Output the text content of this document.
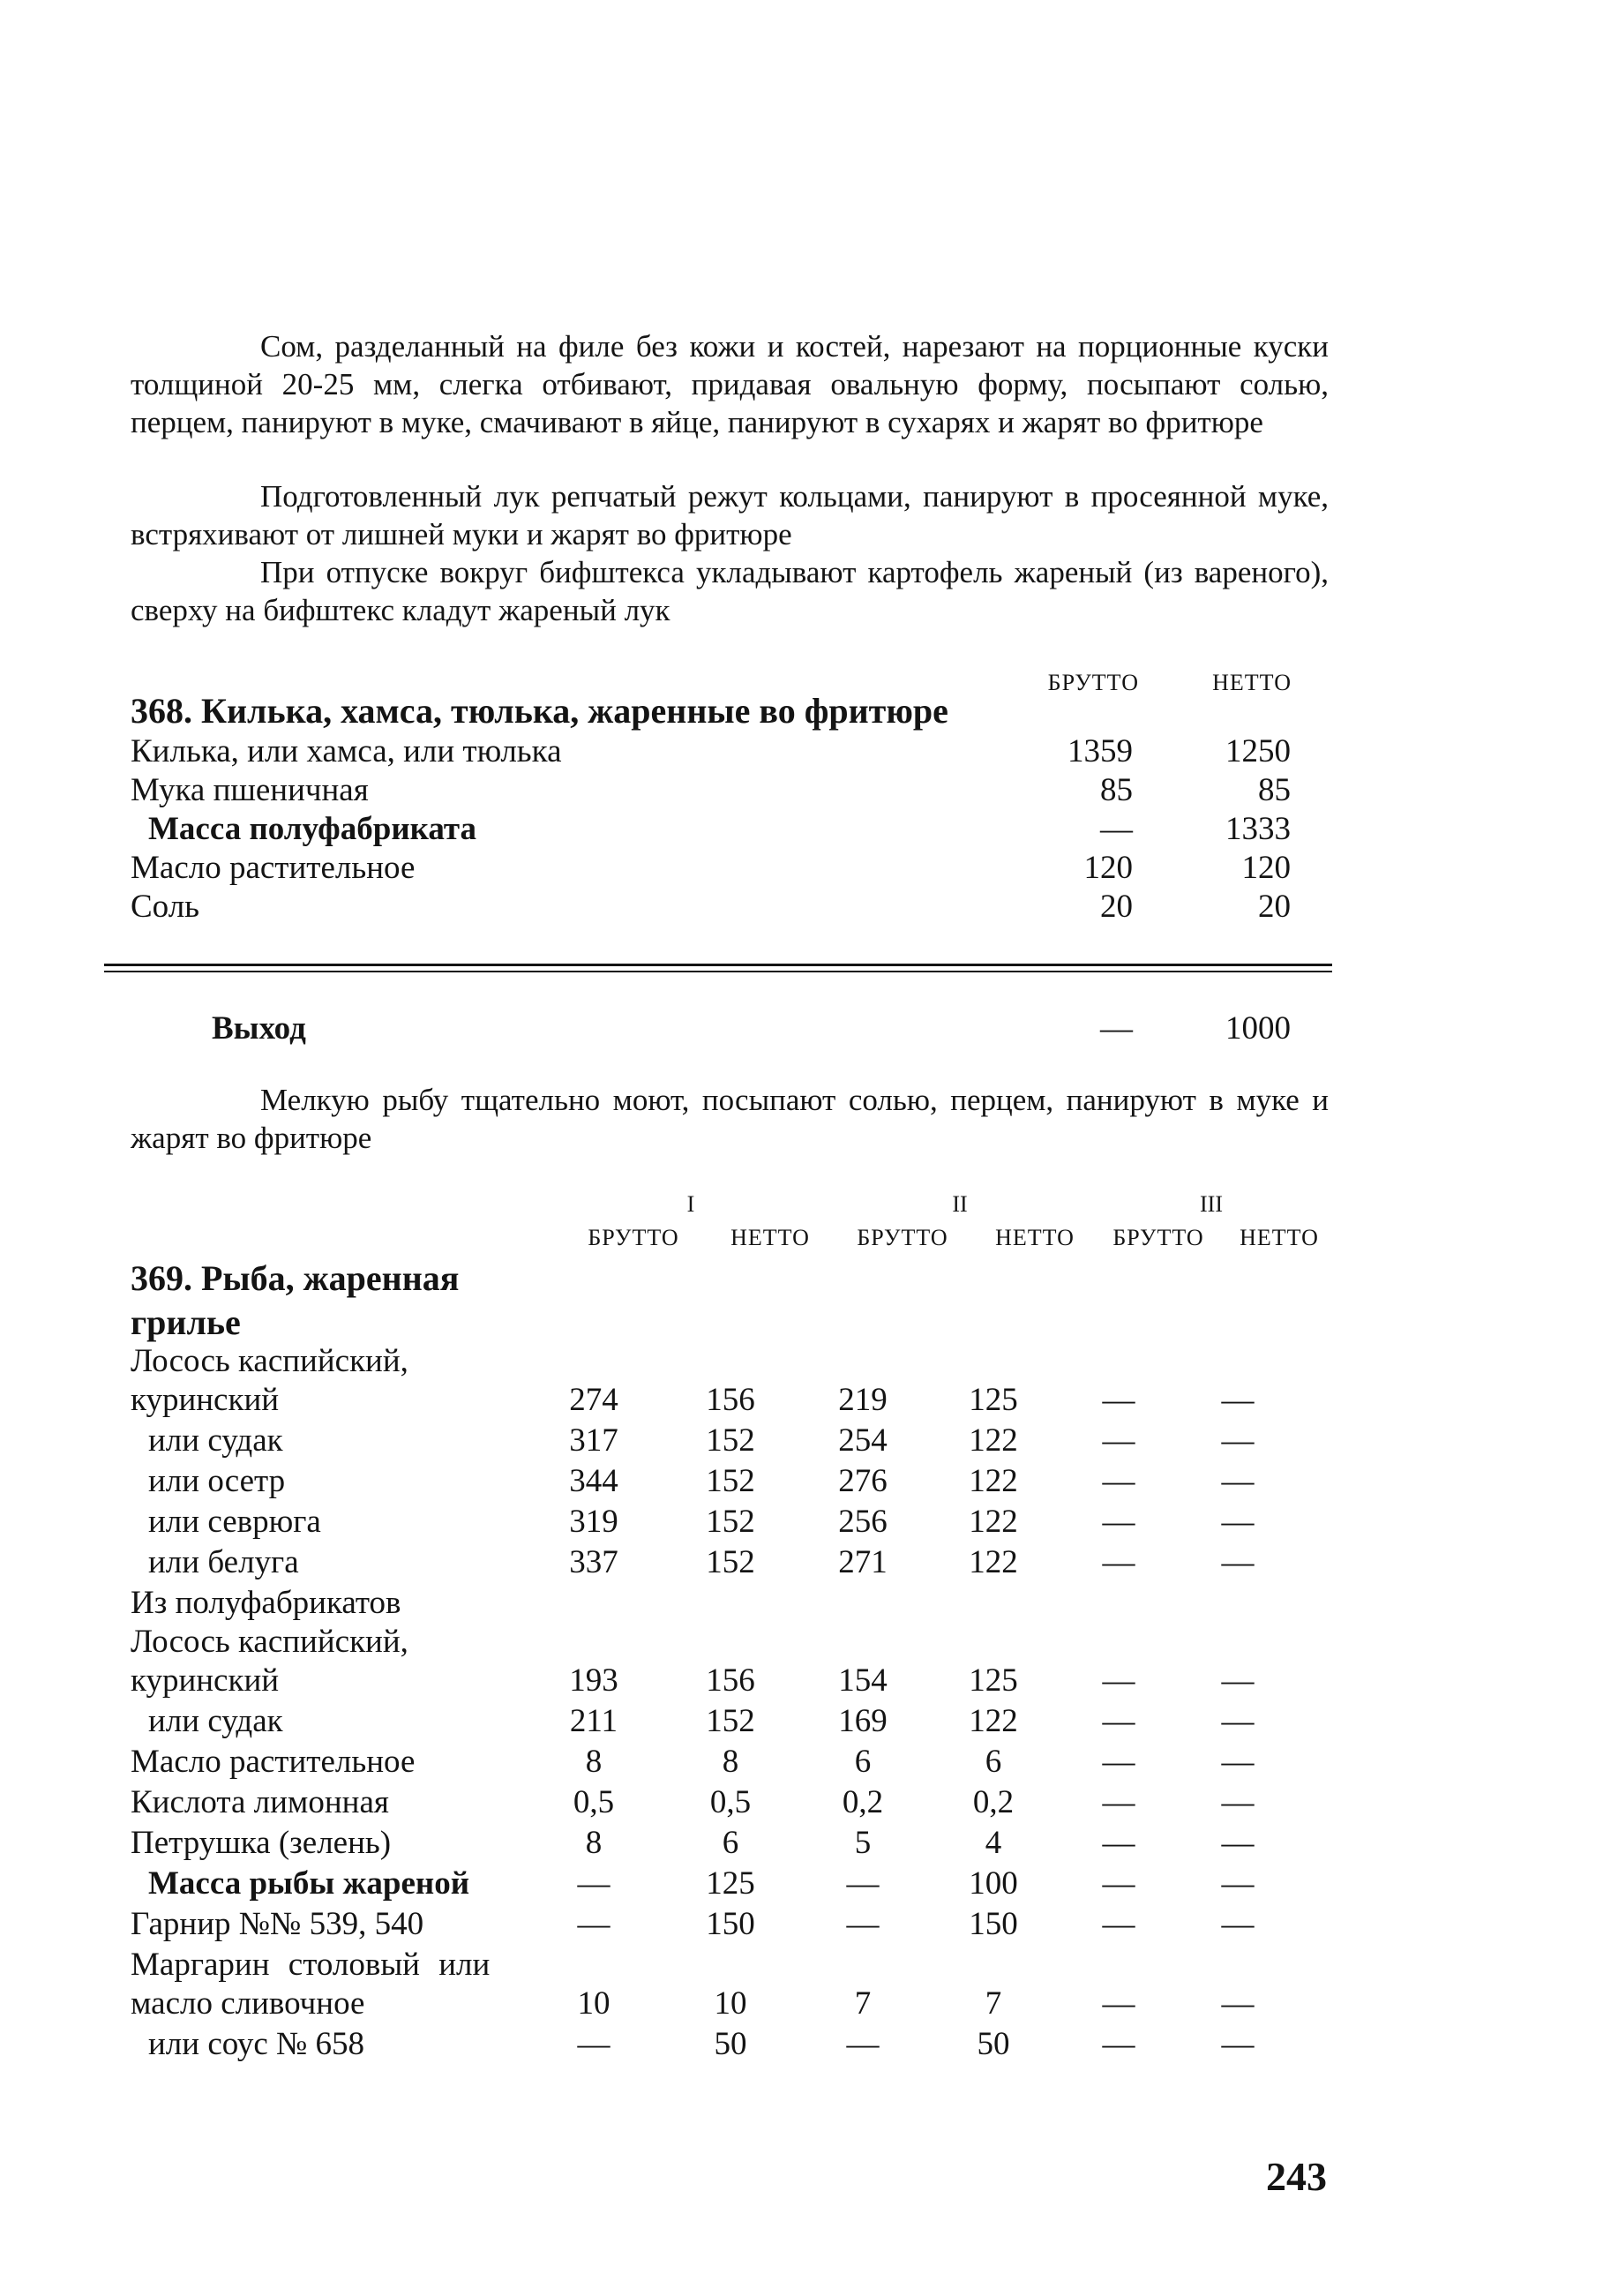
Сом, разделанный на филе без кожи и костей, нарезают на порционные куски толщиной 20-25 мм, слегка отбивают, придавая овальную форму, посыпают солью, перцем, панируют в муке, смачивают в яйце, панируют в сухарях и жарят во фритюре
Подготовленный лук репчатый режут кольцами, панируют в просеянной муке, встряхивают от лишней муки и жарят во фритюре
При отпуске вокруг бифштекса укладывают картофель жареный (из вареного), сверху на бифштекс кладут жареный лук
БРУТТО	НЕТТО
368. Килька, хамса, тюлька, жаренные во фритюре
Килька, или хамса, или тюлька	1359	1250
Мука пшеничная	85	85
Масса полуфабриката	—	1333
Масло растительное	120	120
Соль	20	20
Выход	—	1000
Мелкую рыбу тщательно моют, посыпают солью, перцем, панируют в муке и жарят во фритюре
I	II	III
БРУТТО	НЕТТО	БРУТТО	НЕТТО	БРУТТО	НЕТТО
369. Рыба, жаренная
грилье
Лосось каспийский,
куринский	274	156	219	125	—	—
или судак	317	152	254	122	—	—
или осетр	344	152	276	122	—	—
или севрюга	319	152	256	122	—	—
или белуга	337	152	271	122	—	—
Из полуфабрикатов
Лосось каспийский,
куринский	193	156	154	125	—	—
или судак	211	152	169	122	—	—
Масло растительное	8	8	6	6	—	—
Кислота лимонная	0,5	0,5	0,2	0,2	—	—
Петрушка (зелень)	8	6	5	4	—	—
Масса рыбы жареной	—	125	—	100	—	—
Гарнир №№ 539, 540	—	150	—	150	—	—
Маргарин столовый или
масло сливочное	10	10	7	7	—	—
или соус № 658	—	50	—	50	—	—
243
